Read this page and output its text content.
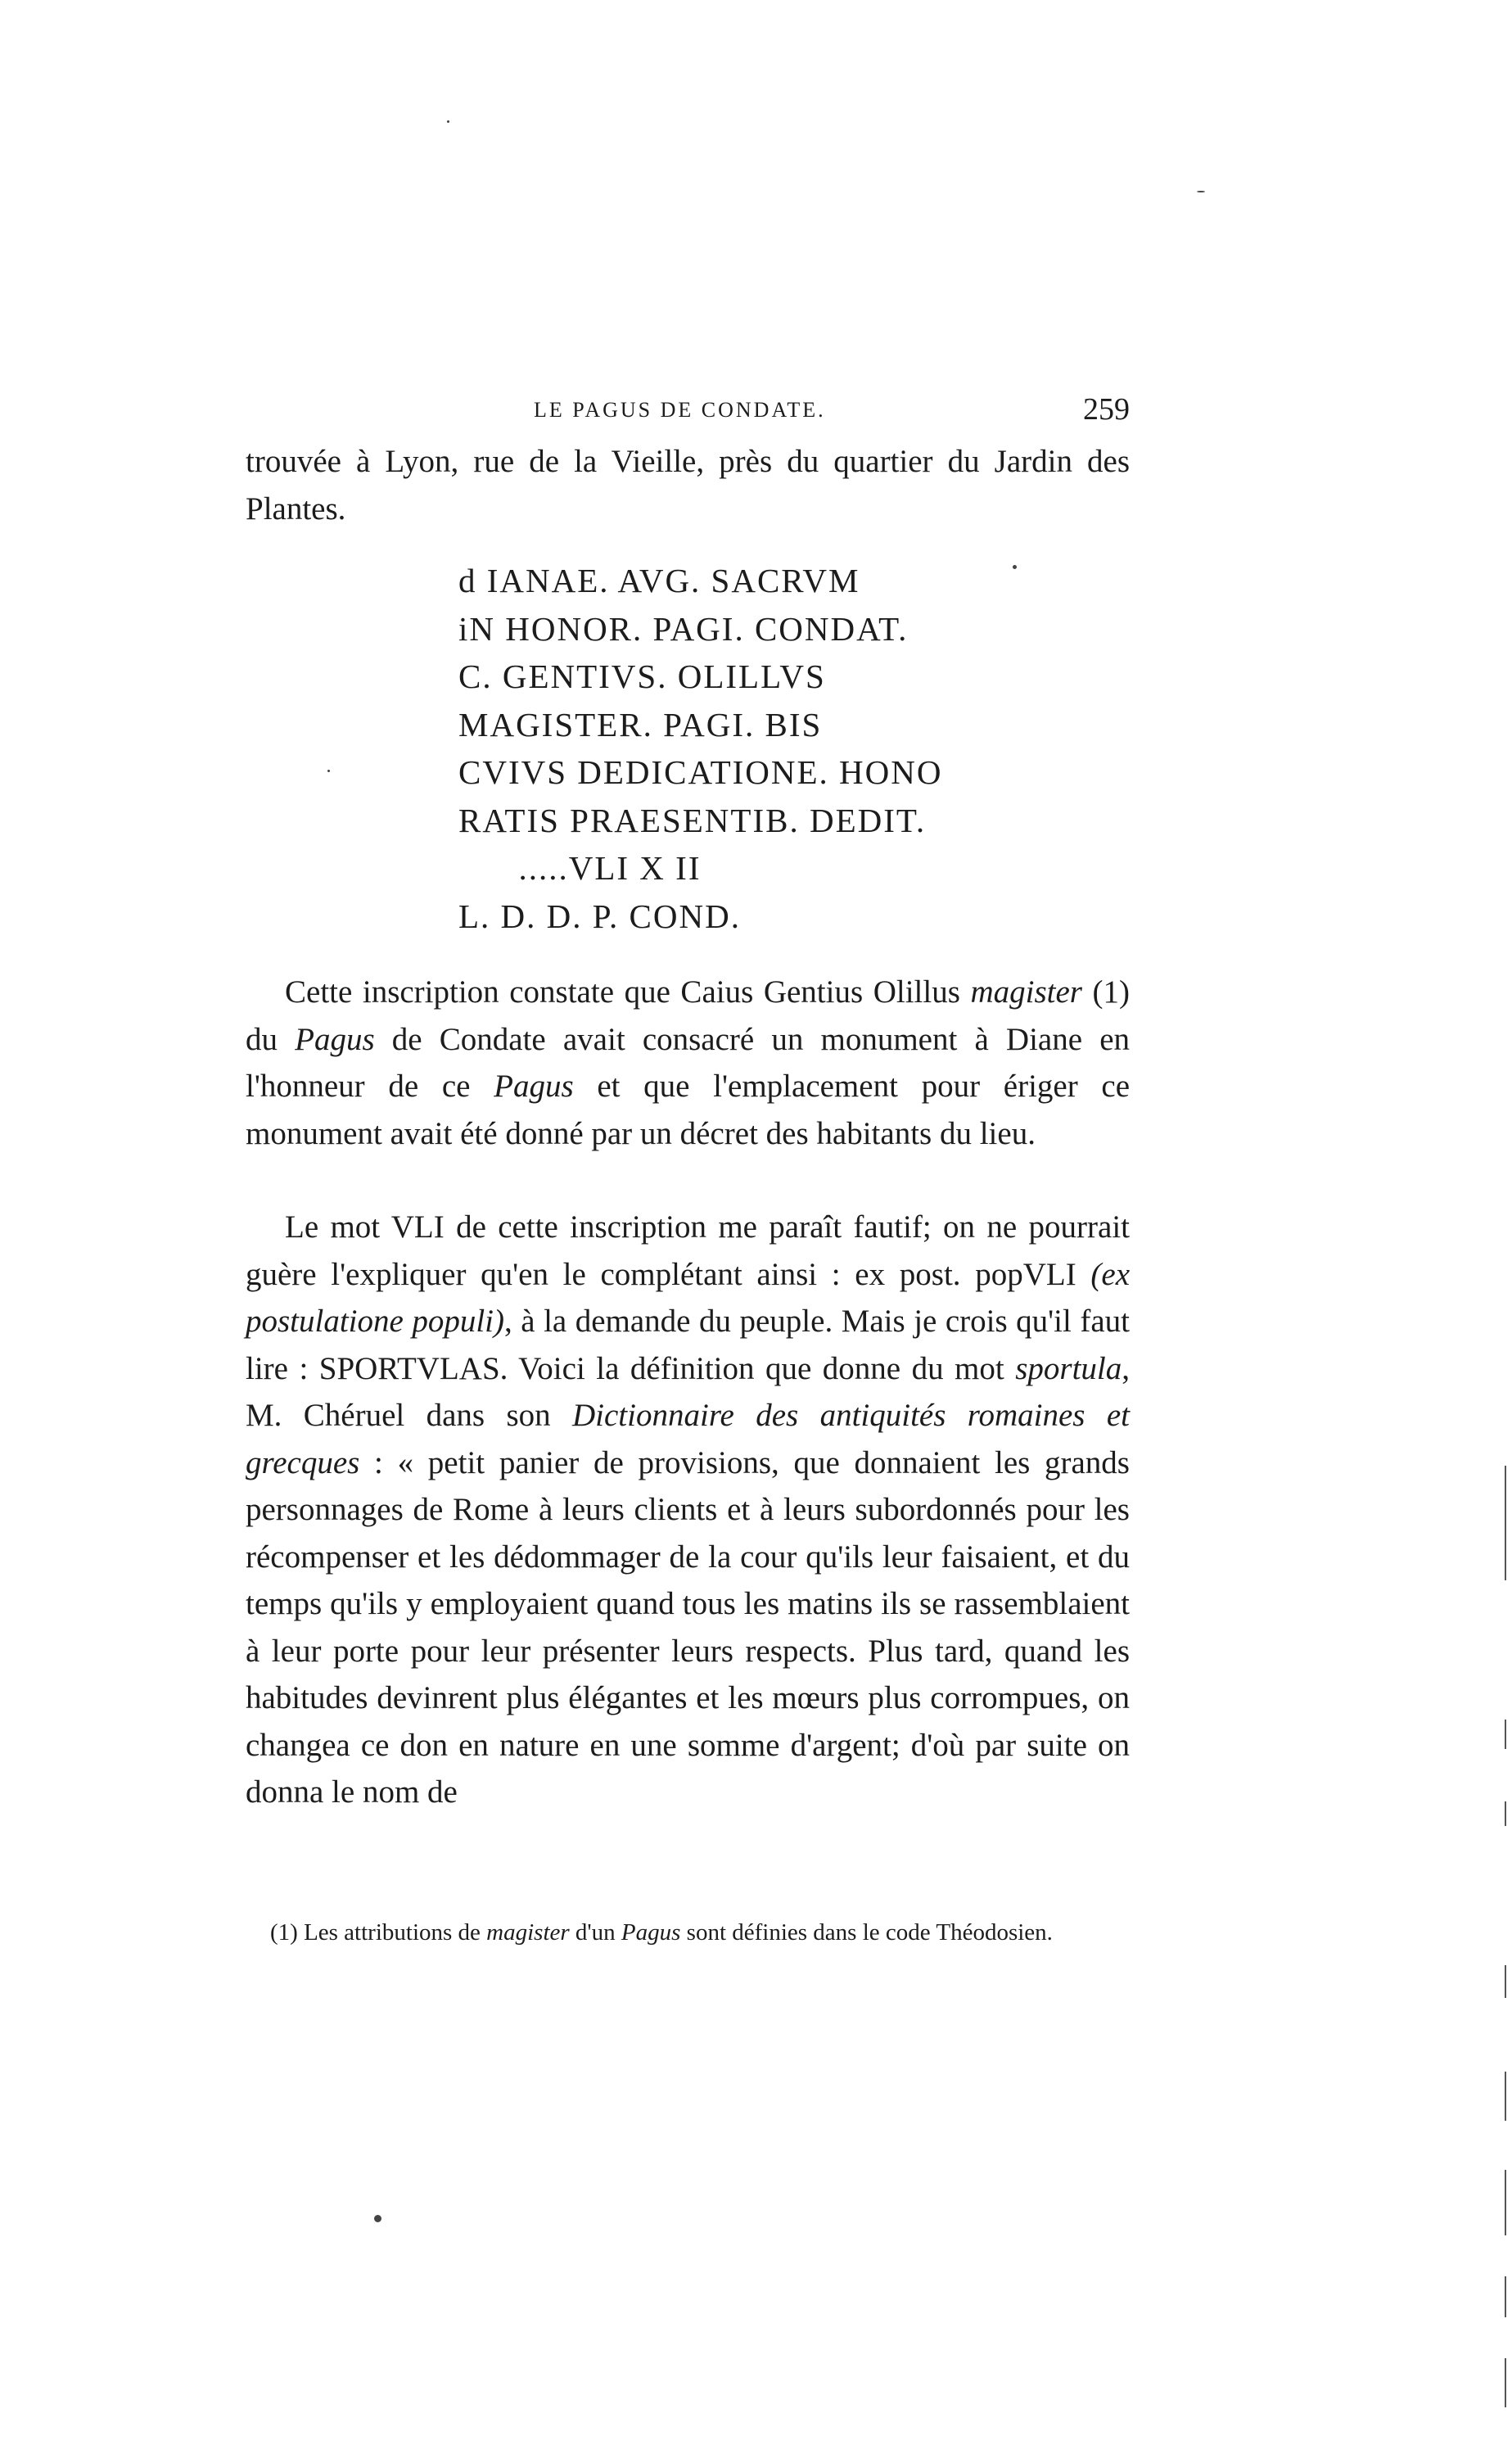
LE PAGUS DE CONDATE.	259

trouvée à Lyon, rue de la Vieille, près du quartier du Jardin des Plantes.

d IANAE. AVG. SACRVM
iN HONOR. PAGI. CONDAT.
C. GENTIVS. OLILLVS
MAGISTER. PAGI. BIS
CVIVS DEDICATIONE. HONO
RATIS PRAESENTIB. DEDIT.
.....VLI X II
L. D. D. P. COND.

Cette inscription constate que Caius Gentius Olillus magister (1) du Pagus de Condate avait consacré un monument à Diane en l'honneur de ce Pagus et que l'emplacement pour ériger ce monument avait été donné par un décret des habitants du lieu.

Le mot VLI de cette inscription me paraît fautif; on ne pourrait guère l'expliquer qu'en le complétant ainsi : ex post. popVLI (ex postulatione populi), à la demande du peuple. Mais je crois qu'il faut lire : SPORTVLAS. Voici la définition que donne du mot sportula, M. Chéruel dans son Dictionnaire des antiquités romaines et grecques : « petit panier de provisions, que donnaient les grands personnages de Rome à leurs clients et à leurs subordonnés pour les récompenser et les dédommager de la cour qu'ils leur faisaient, et du temps qu'ils y employaient quand tous les matins ils se rassemblaient à leur porte pour leur présenter leurs respects. Plus tard, quand les habitudes devinrent plus élégantes et les mœurs plus corrompues, on changea ce don en nature en une somme d'argent; d'où par suite on donna le nom de

(1) Les attributions de magister d'un Pagus sont définies dans le code Théodosien.
